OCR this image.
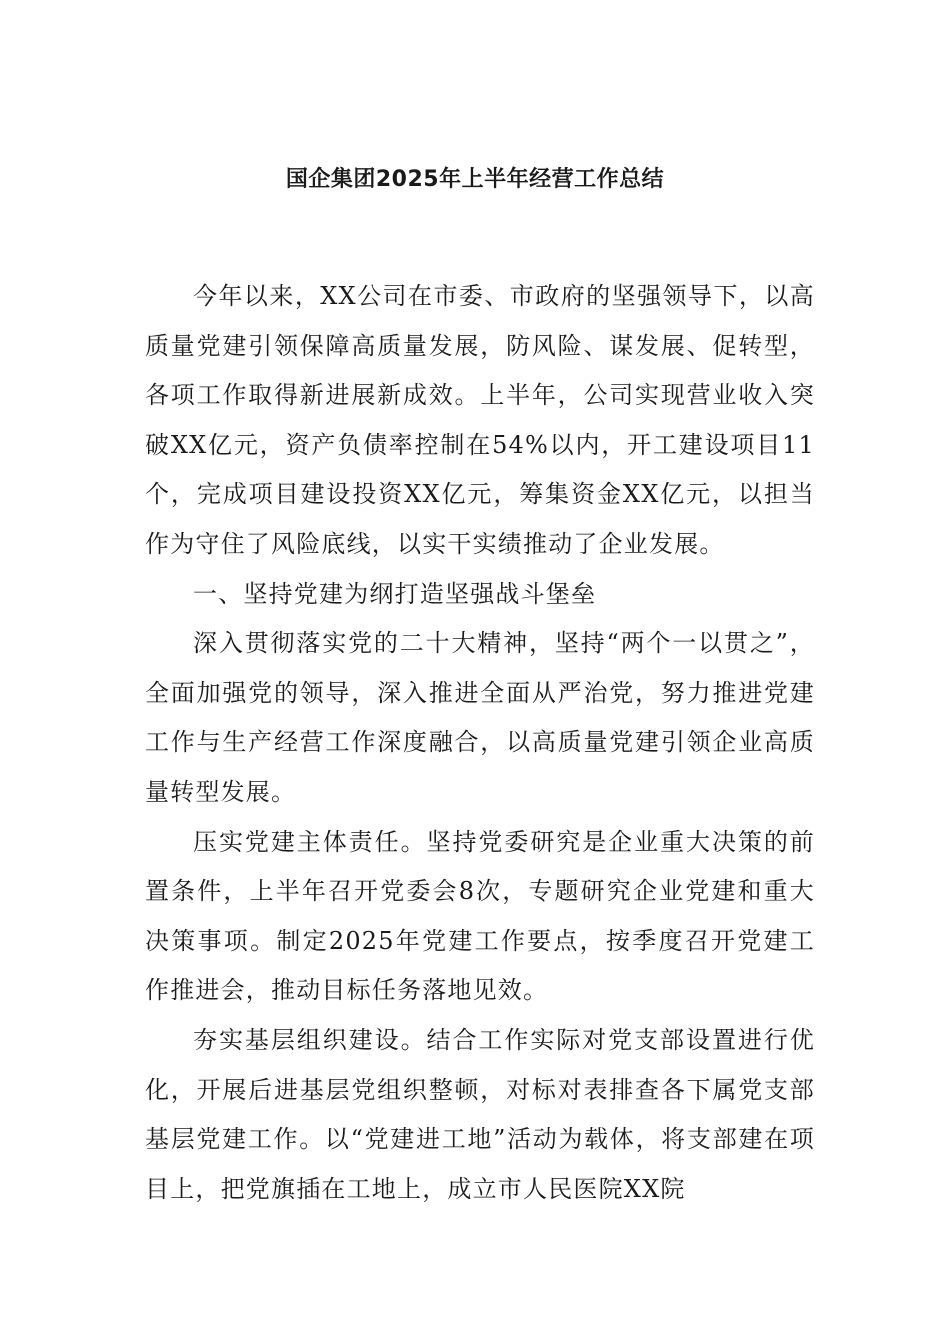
国企集团2025年上半年经营工作总结

今年以来，XX公司在市委、市政府的坚强领导下，以高质量党建引领保障高质量发展，防风险、谋发展、促转型，各项工作取得新进展新成效。上半年，公司实现营业收入突破XX亿元，资产负债率控制在54%以内，开工建设项目11个，完成项目建设投资XX亿元，筹集资金XX亿元，以担当作为守住了风险底线，以实干实绩推动了企业发展。

一、坚持党建为纲打造坚强战斗堡垒

深入贯彻落实党的二十大精神，坚持“两个一以贯之”，全面加强党的领导，深入推进全面从严治党，努力推进党建工作与生产经营工作深度融合，以高质量党建引领企业高质量转型发展。

压实党建主体责任。坚持党委研究是企业重大决策的前置条件，上半年召开党委会8次，专题研究企业党建和重大决策事项。制定2025年党建工作要点，按季度召开党建工作推进会，推动目标任务落地见效。

夯实基层组织建设。结合工作实际对党支部设置进行优化，开展后进基层党组织整顿，对标对表排查各下属党支部基层党建工作。以“党建进工地”活动为载体，将支部建在项目上，把党旗插在工地上，成立市人民医院XX院
